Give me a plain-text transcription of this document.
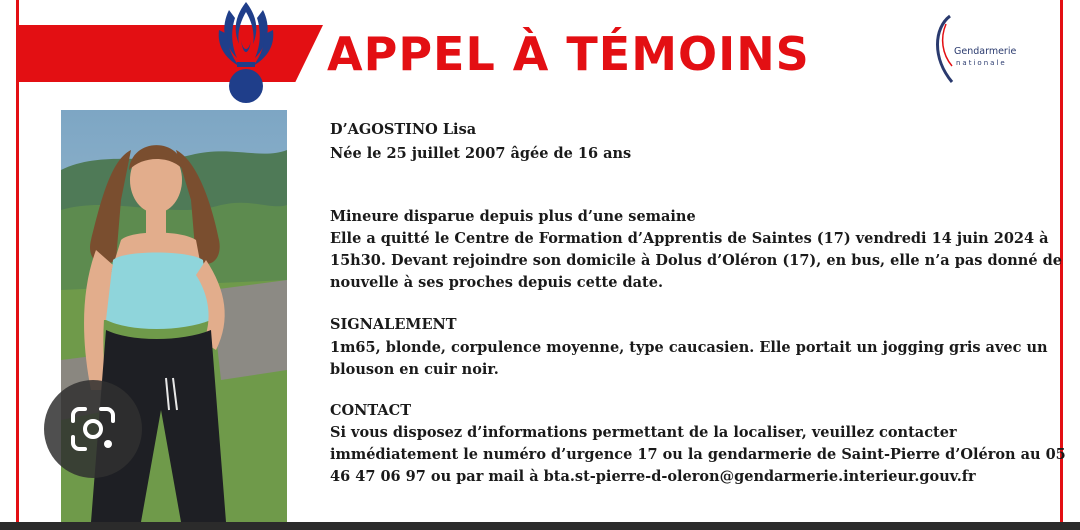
APPEL À TÉMOINS	Gendarmerie
nationale
D’AGOSTINO Lisa
Née le 25 juillet 2007 âgée de 16 ans
Mineure disparue depuis plus d’une semaine
Elle a quitté le Centre de Formation d’Apprentis de Saintes (17) vendredi 14 juin 2024 à
15h30. Devant rejoindre son domicile à Dolus d’Oléron (17), en bus, elle n’a pas donné de
nouvelle à ses proches depuis cette date.
SIGNALEMENT
1m65, blonde, corpulence moyenne, type caucasien. Elle portait un jogging gris avec un
blouson en cuir noir.
CONTACT
Si vous disposez d’informations permettant de la localiser, veuillez contacter
immédiatement le numéro d’urgence 17 ou la gendarmerie de Saint-Pierre d’Oléron au 05
46 47 06 97 ou par mail à bta.st-pierre-d-oleron@gendarmerie.interieur.gouv.fr
